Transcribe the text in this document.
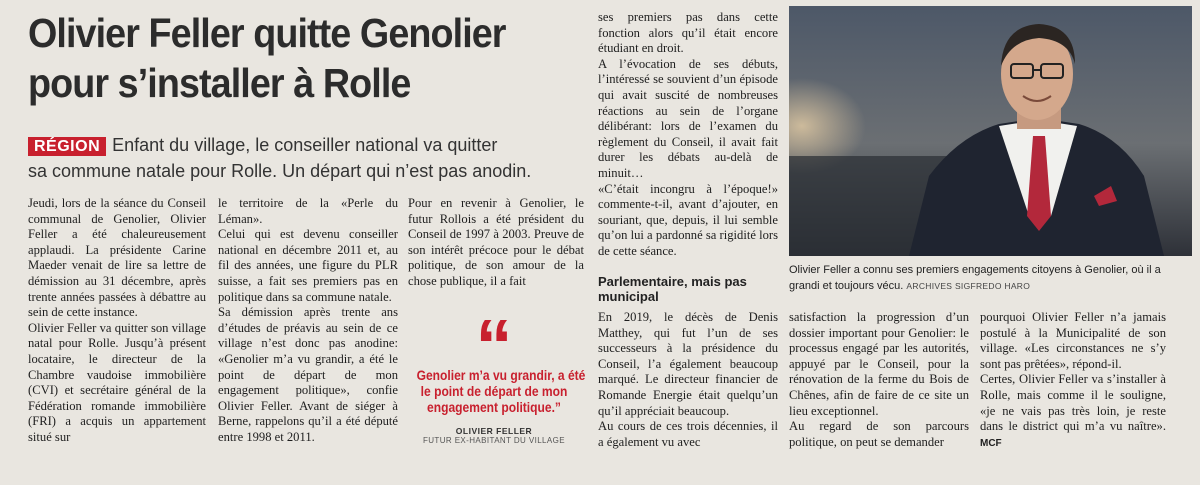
Olivier Feller quitte Genolier
pour s’installer à Rolle
RÉGION Enfant du village, le conseiller national va quitter
sa commune natale pour Rolle. Un départ qui n’est pas anodin.

Jeudi, lors de la séance du Conseil communal de Genolier, Olivier Feller a été chaleureusement applaudi. La présidente Carine Maeder venait de lire sa lettre de démission au 31 décembre, après trente années passées à débattre au sein de cette instance.

Olivier Feller va quitter son village natal pour Rolle. Jusqu’à présent locataire, le directeur de la Chambre vaudoise immobilière (CVI) et secrétaire général de la Fédération romande immobilière (FRI) a acquis un appartement situé sur

le territoire de la «Perle du Léman».

Celui qui est devenu conseiller national en décembre 2011 et, au fil des années, une figure du PLR suisse, a fait ses premiers pas en politique dans sa commune natale.

Sa démission après trente ans d’études de préavis au sein de ce village n’est donc pas anodine: «Genolier m’a vu grandir, a été le point de départ de mon engagement politique», confie Olivier Feller. Avant de siéger à Berne, rappelons qu’il a été député entre 1998 et 2011.

Pour en revenir à Genolier, le futur Rollois a été président du Conseil de 1997 à 2003. Preuve de son intérêt précoce pour le débat politique, de son amour de la chose publique, il a fait

“
Genolier m’a vu grandir, a été
le point de départ de mon
engagement politique.”
OLIVIER FELLER
FUTUR EX-HABITANT DU VILLAGE

ses premiers pas dans cette fonction alors qu’il était encore étudiant en droit.

A l’évocation de ses débuts, l’intéressé se souvient d’un épisode qui avait suscité de nombreuses réactions au sein de l’organe délibérant: lors de l’examen du règlement du Conseil, il avait fait durer les débats au-delà de minuit…

«C’était incongru à l’époque!» commente-t-il, avant d’ajouter, en souriant, que, depuis, il lui semble qu’on lui a pardonné sa rigidité lors de cette séance.

Parlementaire, mais pas municipal

En 2019, le décès de Denis Matthey, qui fut l’un de ses successeurs à la présidence du Conseil, l’a également beaucoup marqué. Le directeur financier de Romande Energie était quelqu’un qu’il appréciait beaucoup.

Au cours de ces trois décennies, il a également vu avec

Olivier Feller a connu ses premiers engagements citoyens à Genolier, où il a grandi et toujours vécu. ARCHIVES SIGFREDO HARO

satisfaction la progression d’un dossier important pour Genolier: le processus engagé par les autorités, appuyé par le Conseil, pour la rénovation de la ferme du Bois de Chênes, afin de faire de ce site un lieu exceptionnel.

Au regard de son parcours politique, on peut se demander

pourquoi Olivier Feller n’a jamais postulé à la Municipalité de son village. «Les circonstances ne s’y sont pas prêtées», répond-il.

Certes, Olivier Feller va s’installer à Rolle, mais comme il le souligne, «je ne vais pas très loin, je reste dans le district qui m’a vu naître». MCF
